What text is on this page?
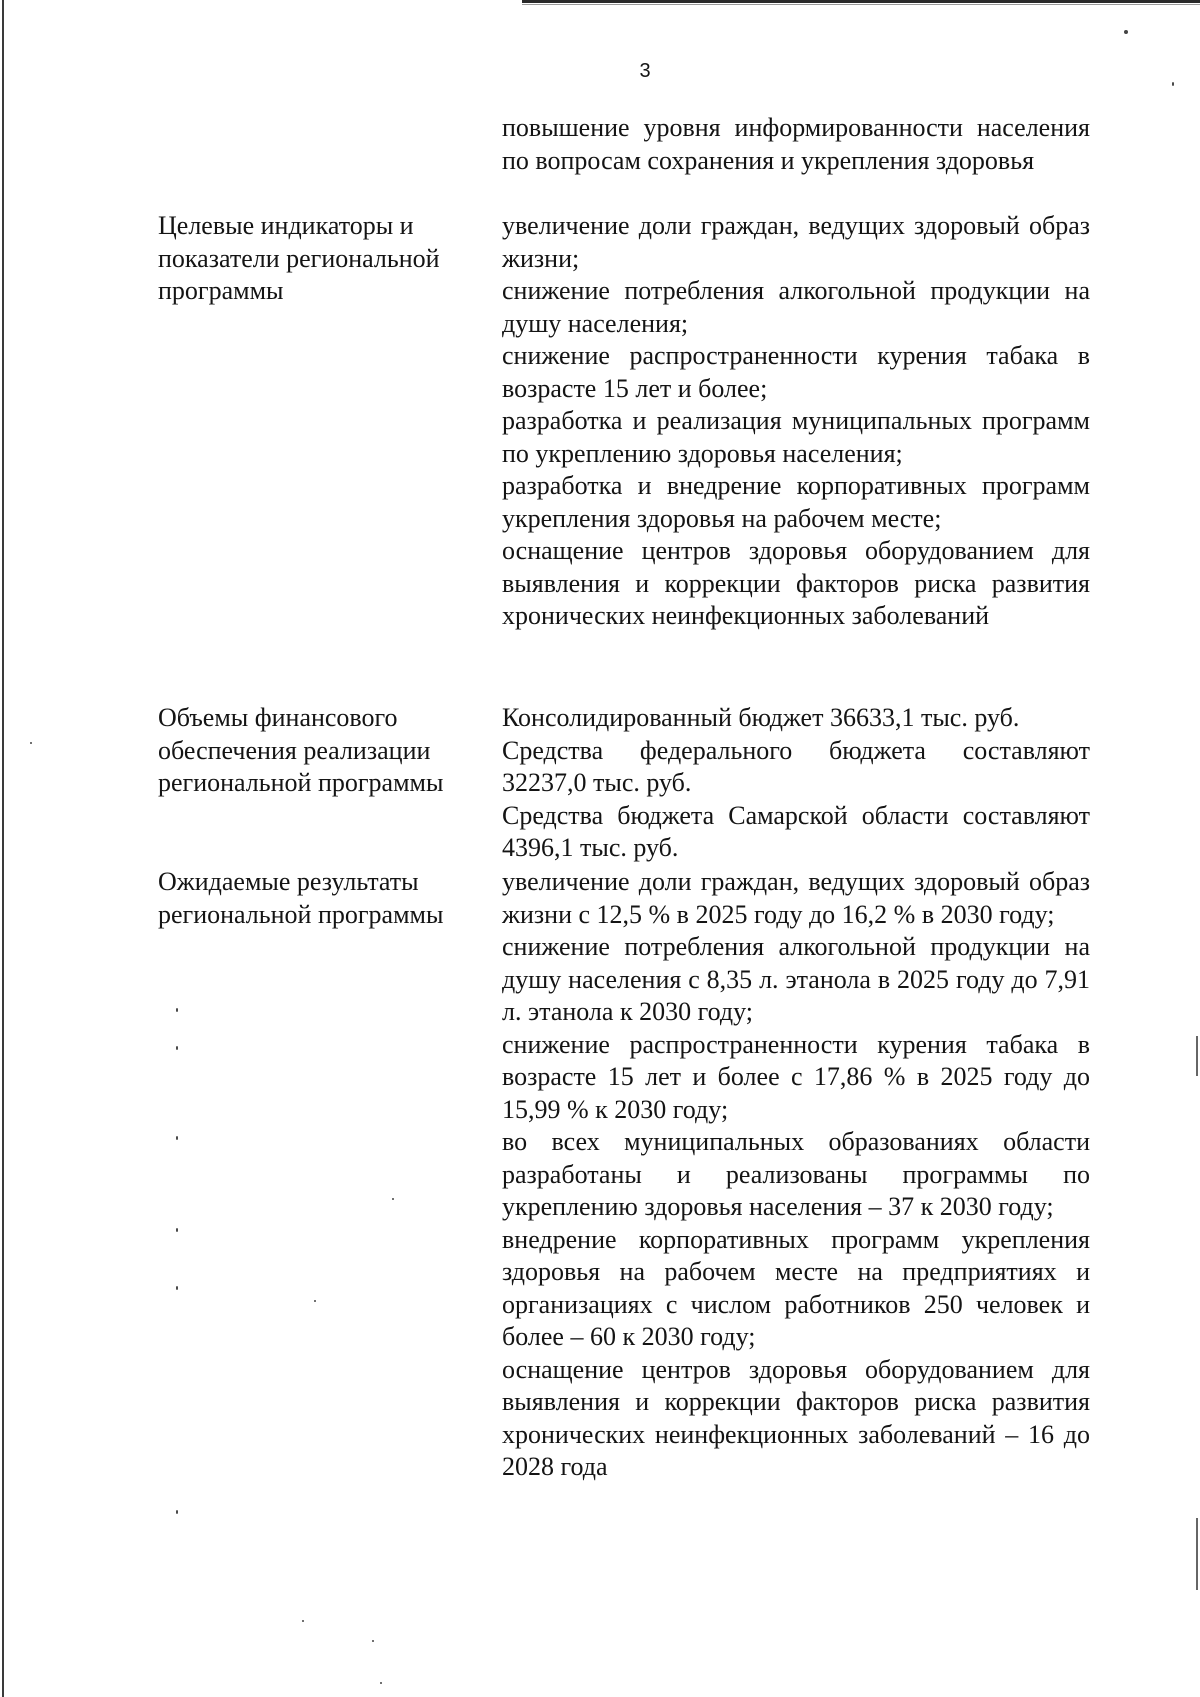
3

повышение уровня информированности населения по вопросам сохранения и укрепления здоровья

Целевые индикаторы и показатели региональной программы

увеличение доли граждан, ведущих здоровый образ жизни;

снижение потребления алкогольной продукции на душу населения;

снижение распространенности курения табака в возрасте 15 лет и более;

разработка и реализация муниципальных программ по укреплению здоровья населения;

разработка и внедрение корпоративных программ укрепления здоровья на рабочем месте;

оснащение центров здоровья оборудованием для выявления и коррекции факторов риска развития хронических неинфекционных заболеваний

Объемы финансового обеспечения реализации региональной программы

Консолидированный бюджет 36633,1 тыс. руб.

Средства федерального бюджета составляют 32237,0 тыс. руб.

Средства бюджета Самарской области составляют 4396,1 тыс. руб.

Ожидаемые результаты региональной программы

увеличение доли граждан, ведущих здоровый образ жизни с 12,5 % в 2025 году до 16,2 % в 2030 году;

снижение потребления алкогольной продукции на душу населения с 8,35 л. этанола в 2025 году до 7,91 л. этанола к 2030 году;

снижение распространенности курения табака в возрасте 15 лет и более с 17,86 % в 2025 году до 15,99 % к 2030 году;

во всех муниципальных образованиях области разработаны и реализованы программы по укреплению здоровья населения – 37 к 2030 году;

внедрение корпоративных программ укрепления здоровья на рабочем месте на предприятиях и организациях с числом работников 250 человек и более – 60 к 2030 году;

оснащение центров здоровья оборудованием для выявления и коррекции факторов риска развития хронических неинфекционных заболеваний – 16 до 2028 года
